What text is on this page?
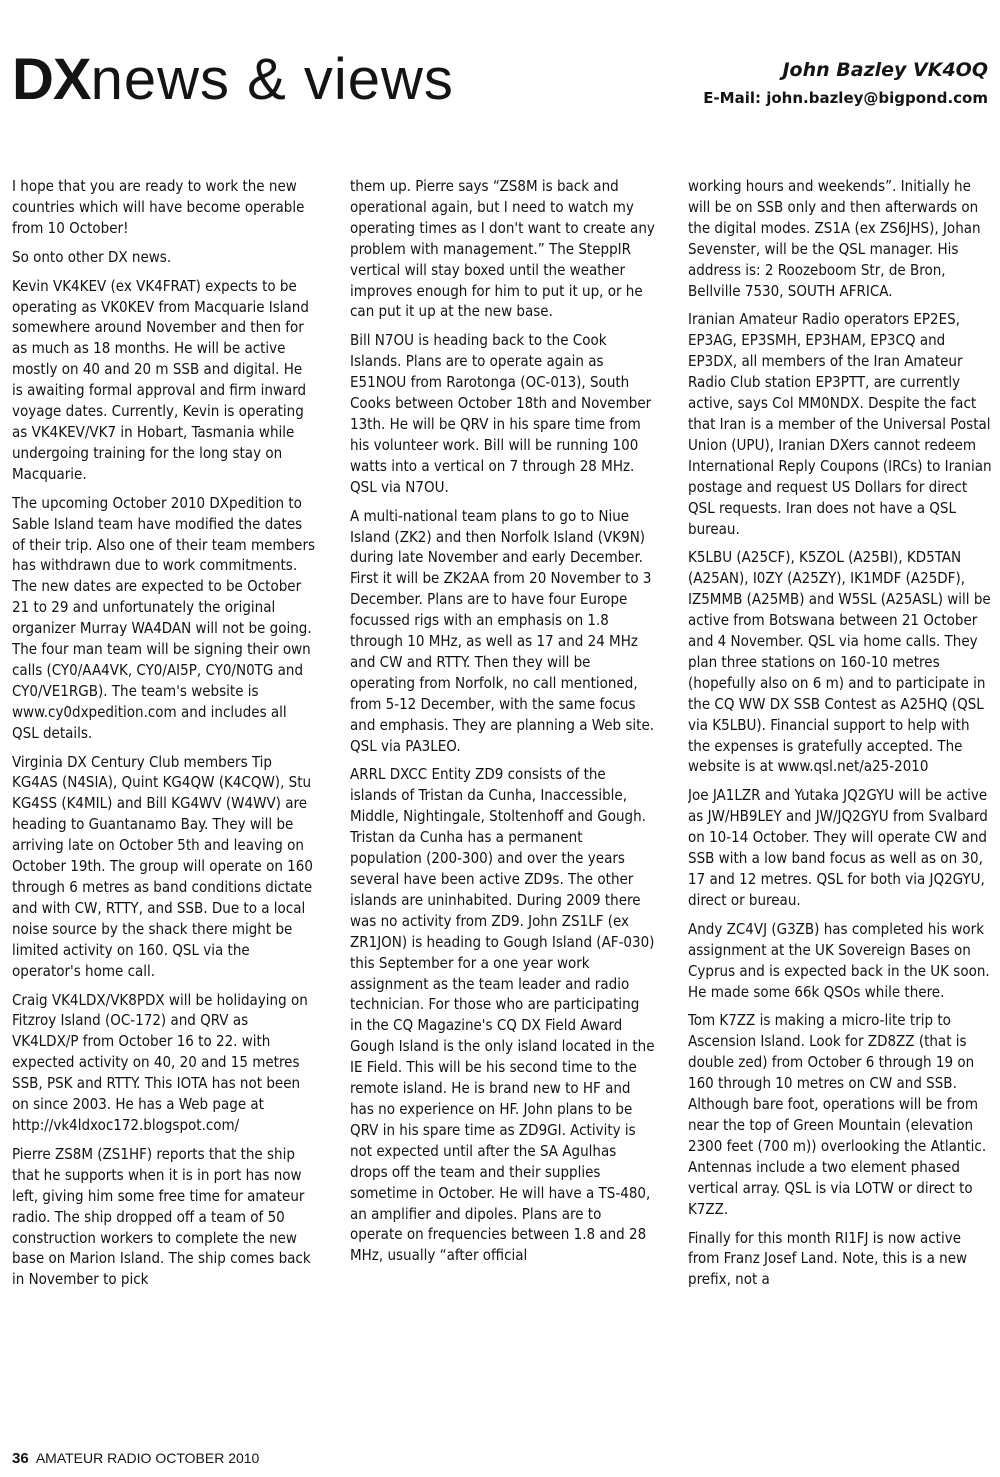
DXnews & views	John Bazley VK4OQ
E-Mail: john.bazley@bigpond.com

I hope that you are ready to work the new countries which will have become operable from 10 October!

So onto other DX news.

Kevin VK4KEV (ex VK4FRAT) expects to be operating as VK0KEV from Macquarie Island somewhere around November and then for as much as 18 months. He will be active mostly on 40 and 20 m SSB and digital. He is awaiting formal approval and firm inward voyage dates. Currently, Kevin is operating as VK4KEV/VK7 in Hobart, Tasmania while undergoing training for the long stay on Macquarie.

The upcoming October 2010 DXpedition to Sable Island team have modified the dates of their trip. Also one of their team members has withdrawn due to work commitments. The new dates are expected to be October 21 to 29 and unfortunately the original organizer Murray WA4DAN will not be going. The four man team will be signing their own calls (CY0/AA4VK, CY0/AI5P, CY0/N0TG and CY0/VE1RGB). The team's website is www.cy0dxpedition.com and includes all QSL details.

Virginia DX Century Club members Tip KG4AS (N4SIA), Quint KG4QW (K4CQW), Stu KG4SS (K4MIL) and Bill KG4WV (W4WV) are heading to Guantanamo Bay. They will be arriving late on October 5th and leaving on October 19th. The group will operate on 160 through 6 metres as band conditions dictate and with CW, RTTY, and SSB. Due to a local noise source by the shack there might be limited activity on 160. QSL via the operator's home call.

Craig VK4LDX/VK8PDX will be holidaying on Fitzroy Island (OC-172) and QRV as VK4LDX/P from October 16 to 22. with expected activity on 40, 20 and 15 metres SSB, PSK and RTTY. This IOTA has not been on since 2003. He has a Web page at http://vk4ldxoc172.blogspot.com/

Pierre ZS8M (ZS1HF) reports that the ship that he supports when it is in port has now left, giving him some free time for amateur radio. The ship dropped off a team of 50 construction workers to complete the new base on Marion Island. The ship comes back in November to pick

them up. Pierre says “ZS8M is back and operational again, but I need to watch my operating times as I don't want to create any problem with management.” The SteppIR vertical will stay boxed until the weather improves enough for him to put it up, or he can put it up at the new base.

Bill N7OU is heading back to the Cook Islands. Plans are to operate again as E51NOU from Rarotonga (OC-013), South Cooks between October 18th and November 13th. He will be QRV in his spare time from his volunteer work. Bill will be running 100 watts into a vertical on 7 through 28 MHz. QSL via N7OU.

A multi-national team plans to go to Niue Island (ZK2) and then Norfolk Island (VK9N) during late November and early December. First it will be ZK2AA from 20 November to 3 December. Plans are to have four Europe focussed rigs with an emphasis on 1.8 through 10 MHz, as well as 17 and 24 MHz and CW and RTTY. Then they will be operating from Norfolk, no call mentioned, from 5-12 December, with the same focus and emphasis. They are planning a Web site. QSL via PA3LEO.

ARRL DXCC Entity ZD9 consists of the islands of Tristan da Cunha, Inaccessible, Middle, Nightingale, Stoltenhoff and Gough. Tristan da Cunha has a permanent population (200-300) and over the years several have been active ZD9s. The other islands are uninhabited. During 2009 there was no activity from ZD9. John ZS1LF (ex ZR1JON) is heading to Gough Island (AF-030) this September for a one year work assignment as the team leader and radio technician. For those who are participating in the CQ Magazine's CQ DX Field Award Gough Island is the only island located in the IE Field. This will be his second time to the remote island. He is brand new to HF and has no experience on HF. John plans to be QRV in his spare time as ZD9GI. Activity is not expected until after the SA Agulhas drops off the team and their supplies sometime in October. He will have a TS-480, an amplifier and dipoles. Plans are to operate on frequencies between 1.8 and 28 MHz, usually “after official

working hours and weekends”. Initially he will be on SSB only and then afterwards on the digital modes. ZS1A (ex ZS6JHS), Johan Sevenster, will be the QSL manager. His address is: 2 Roozeboom Str, de Bron, Bellville 7530, SOUTH AFRICA.

Iranian Amateur Radio operators EP2ES, EP3AG, EP3SMH, EP3HAM, EP3CQ and EP3DX, all members of the Iran Amateur Radio Club station EP3PTT, are currently active, says Col MM0NDX. Despite the fact that Iran is a member of the Universal Postal Union (UPU), Iranian DXers cannot redeem International Reply Coupons (IRCs) to Iranian postage and request US Dollars for direct QSL requests. Iran does not have a QSL bureau.

K5LBU (A25CF), K5ZOL (A25BI), KD5TAN (A25AN), I0ZY (A25ZY), IK1MDF (A25DF), IZ5MMB (A25MB) and W5SL (A25ASL) will be active from Botswana between 21 October and 4 November. QSL via home calls. They plan three stations on 160-10 metres (hopefully also on 6 m) and to participate in the CQ WW DX SSB Contest as A25HQ (QSL via K5LBU). Financial support to help with the expenses is gratefully accepted. The website is at www.qsl.net/a25-2010

Joe JA1LZR and Yutaka JQ2GYU will be active as JW/HB9LEY and JW/JQ2GYU from Svalbard on 10-14 October. They will operate CW and SSB with a low band focus as well as on 30, 17 and 12 metres. QSL for both via JQ2GYU, direct or bureau.

Andy ZC4VJ (G3ZB) has completed his work assignment at the UK Sovereign Bases on Cyprus and is expected back in the UK soon. He made some 66k QSOs while there.

Tom K7ZZ is making a micro-lite trip to Ascension Island. Look for ZD8ZZ (that is double zed) from October 6 through 19 on 160 through 10 metres on CW and SSB. Although bare foot, operations will be from near the top of Green Mountain (elevation 2300 feet (700 m)) overlooking the Atlantic. Antennas include a two element phased vertical array. QSL is via LOTW or direct to K7ZZ.

Finally for this month RI1FJ is now active from Franz Josef Land. Note, this is a new prefix, not a

36 AMATEUR RADIO OCTOBER 2010
